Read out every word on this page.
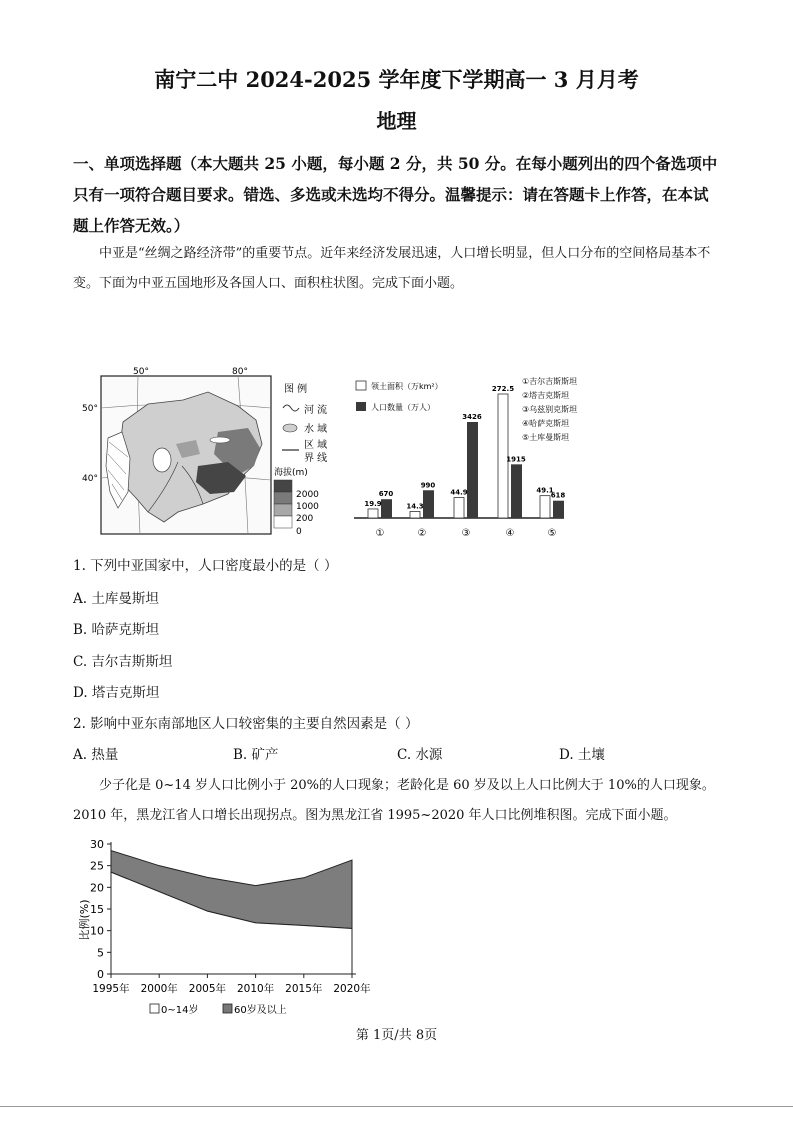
南宁二中 2024-2025 学年度下学期高一 3 月月考
地理
一、单项选择题（本大题共 25 小题，每小题 2 分，共 50 分。在每小题列出的四个备选项中只有一项符合题目要求。错选、多选或未选均不得分。温馨提示：请在答题卡上作答，在本试题上作答无效。）
中亚是“丝绸之路经济带”的重要节点。近年来经济发展迅速，人口增长明显，但人口分布的空间格局基本不变。下面为中亚五国地形及各国人口、面积柱状图。完成下面小题。
50°	80°
50°
40°
图 例
河 流
水 域
区 域
界 线
海拔(m)
2000
1000
200
0
领土面积（万km²）
人口数量（万人）
①吉尔吉斯斯坦
②塔吉克斯坦
③乌兹别克斯坦
④哈萨克斯坦
⑤土库曼斯坦
19.9
670
①
14.3
990
②
44.9
3426
③
272.5
1915
④
49.1
618
⑤
1. 下列中亚国家中，人口密度最小的是（ ）
A. 土库曼斯坦
B. 哈萨克斯坦
C. 吉尔吉斯斯坦
D. 塔吉克斯坦
2. 影响中亚东南部地区人口较密集的主要自然因素是（ ）
A. 热量	B. 矿产	C. 水源	D. 土壤
少子化是 0~14 岁人口比例小于 20%的人口现象；老龄化是 60 岁及以上人口比例大于 10%的人口现象。2010 年，黑龙江省人口增长出现拐点。图为黑龙江省 1995~2020 年人口比例堆积图。完成下面小题。
比例(%)
0
5
10
15
20
25
30
1995年 2000年 2005年 2010年 2015年 2020年
0~14岁	60岁及以上
第 1页/共 8页
